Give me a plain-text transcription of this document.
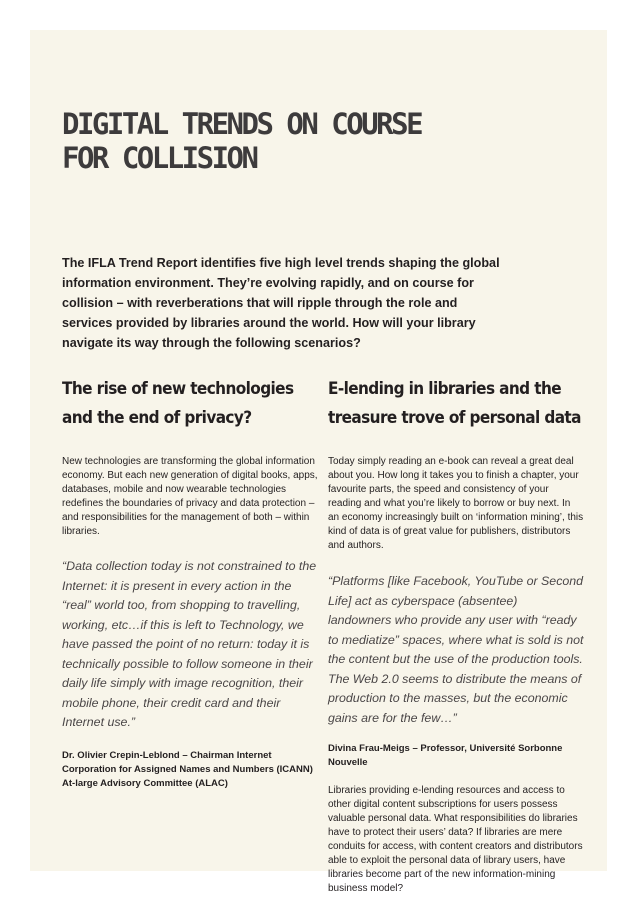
DIGITAL TRENDS ON COURSE
FOR COLLISION

The IFLA Trend Report identifies five high level trends shaping the global information environment. They’re evolving rapidly, and on course for collision – with reverberations that will ripple through the role and services provided by libraries around the world. How will your library navigate its way through the following scenarios?

The rise of new technologies
and the end of privacy?

New technologies are transforming the global information economy. But each new generation of digital books, apps, databases, mobile and now wearable technologies redefines the boundaries of privacy and data protection – and responsibilities for the management of both – within libraries.

“Data collection today is not constrained to the Internet: it is present in every action in the “real” world too, from shopping to travelling, working, etc…if this is left to Technology, we have passed the point of no return: today it is technically possible to follow someone in their daily life simply with image recognition, their mobile phone, their credit card and their Internet use.”

Dr. Olivier Crepin-Leblond – Chairman Internet Corporation for Assigned Names and Numbers (ICANN) At-large Advisory Committee (ALAC)

E-lending in libraries and the
treasure trove of personal data

Today simply reading an e-book can reveal a great deal about you. How long it takes you to finish a chapter, your favourite parts, the speed and consistency of your reading and what you’re likely to borrow or buy next. In an economy increasingly built on ‘information mining’, this kind of data is of great value for publishers, distributors and authors.

“Platforms [like Facebook, YouTube or Second Life] act as cyberspace (absentee) landowners who provide any user with “ready to mediatize” spaces, where what is sold is not the content but the use of the production tools. The Web 2.0 seems to distribute the means of production to the masses, but the economic gains are for the few…”

Divina Frau-Meigs – Professor, Université Sorbonne Nouvelle

Libraries providing e-lending resources and access to other digital content subscriptions for users possess valuable personal data. What responsibilities do libraries have to protect their users’ data? If libraries are mere conduits for access, with content creators and distributors able to exploit the personal data of library users, have libraries become part of the new information-mining business model?
